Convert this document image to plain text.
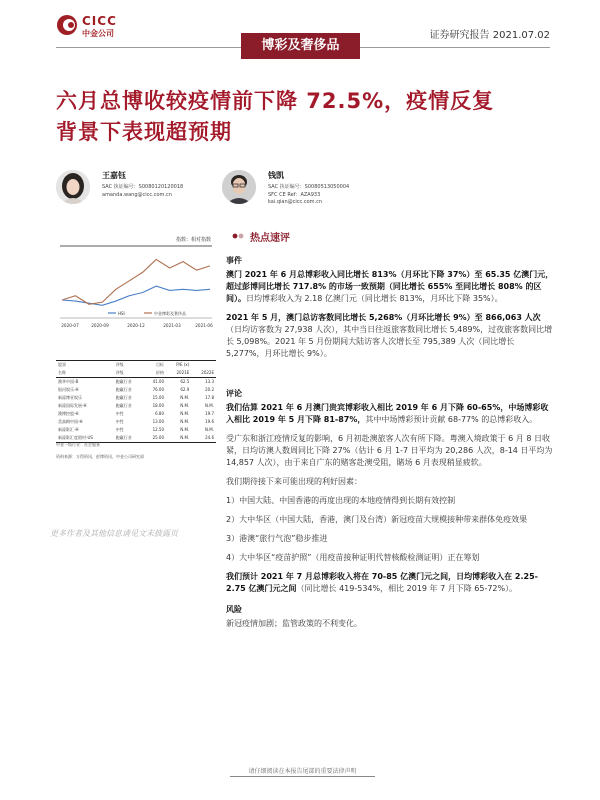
CICC
中金公司
博彩及奢侈品
证券研究报告 2021.07.02
六月总博收较疫情前下降 72.5%，疫情反复
背景下表现超预期
王嘉钰
SAC 执证编号：S0080120120018
amanda.wang@cicc.com.cn
钱凯
SAC 执证编号：S0080513050004
SFC CE Ref：AZA933
kai.qian@cicc.com.cn
指数：相对指数
HSI	中金博彩及奢侈品
2020-07	2020-09	2020-12	2021-03	2021-06
股票	评级	目标	P/E (x)	
名称	评级	价格	2021E	2022E
澳华中国-B	跑赢行业	41.00	62.5	13.3
银河娱乐-H	跑赢行业	76.00	62.9	20.2
新濠博亚娱乐	跑赢行业	15.00	N.M.	17.8
新濠国际发展-H	跑赢行业	18.00	N.M.	N.M.
澳博控股-H	中性	6.80	N.M.	19.7
美高梅中国-H	中性	13.00	N.M.	19.6
新濠影汇-H	中性	12.50	N.M.	N.M.
新濠影汇度假村-US	跑赢行业	25.00	N.M.	24.6
中金一级行业：社会服务
资料来源：万得资讯，彭博资讯，中金公司研究部
更多作者及其他信息请见文末披露页
热点速评
事件
澳门 2021 年 6 月总博彩收入同比增长 813%（月环比下降 37%）至 65.35 亿澳门元，超过彭博同比增长 717.8% 的市场一致预期（同比增长 655% 至同比增长 808% 的区间）。日均博彩收入为 2.18 亿澳门元（同比增长 813%，月环比下降 35%）。
2021 年 5 月，澳门总访客数同比增长 5,268%（月环比增长 9%）至 866,063 人次（日均访客数为 27,938 人次），其中当日往返旅客数同比增长 5,489%，过夜旅客数同比增长 5,098%。2021 年 5 月份期间大陆访客人次增长至 795,389 人次（同比增长 5,277%，月环比增长 9%）。
评论
我们估算 2021 年 6 月澳门贵宾博彩收入相比 2019 年 6 月下降 60-65%，中场博彩收入相比 2019 年 5 月下降 81-87%，其中中场博彩预计贡献 68-77% 的总博彩收入。
受广东和浙江疫情反复的影响，6 月初赴澳旅客人次有所下降。粤澳入境政策于 6 月 8 日收紧，日均访澳人数周同比下降 27%（估计 6 月 1-7 日平均为 20,286 人次，8-14 日平均为 14,857 人次），由于来自广东的赌客赴澳受阻，賭场 6 月表现稍显疲软。
我们期待接下来可能出现的利好因素：
1）中国大陆、中国香港的再度出现的本地疫情得到长期有效控制
2）大中华区（中国大陆，香港，澳门及台湾）新冠疫苗大规模接种带来群体免疫效果
3）港澳“旅行气泡”稳步推进
4）大中华区“疫苗护照”（用疫苗接种证明代替核酸检测证明）正在筹划
我们预计 2021 年 7 月总博彩收入将在 70-85 亿澳门元之间，日均博彩收入在 2.25-2.75 亿澳门元之间（同比增长 419-534%，相比 2019 年 7 月下降 65-72%）。
风险
新冠疫情加剧；监管政策的不利变化。
请仔细阅读在本报告尾部的重要法律声明
